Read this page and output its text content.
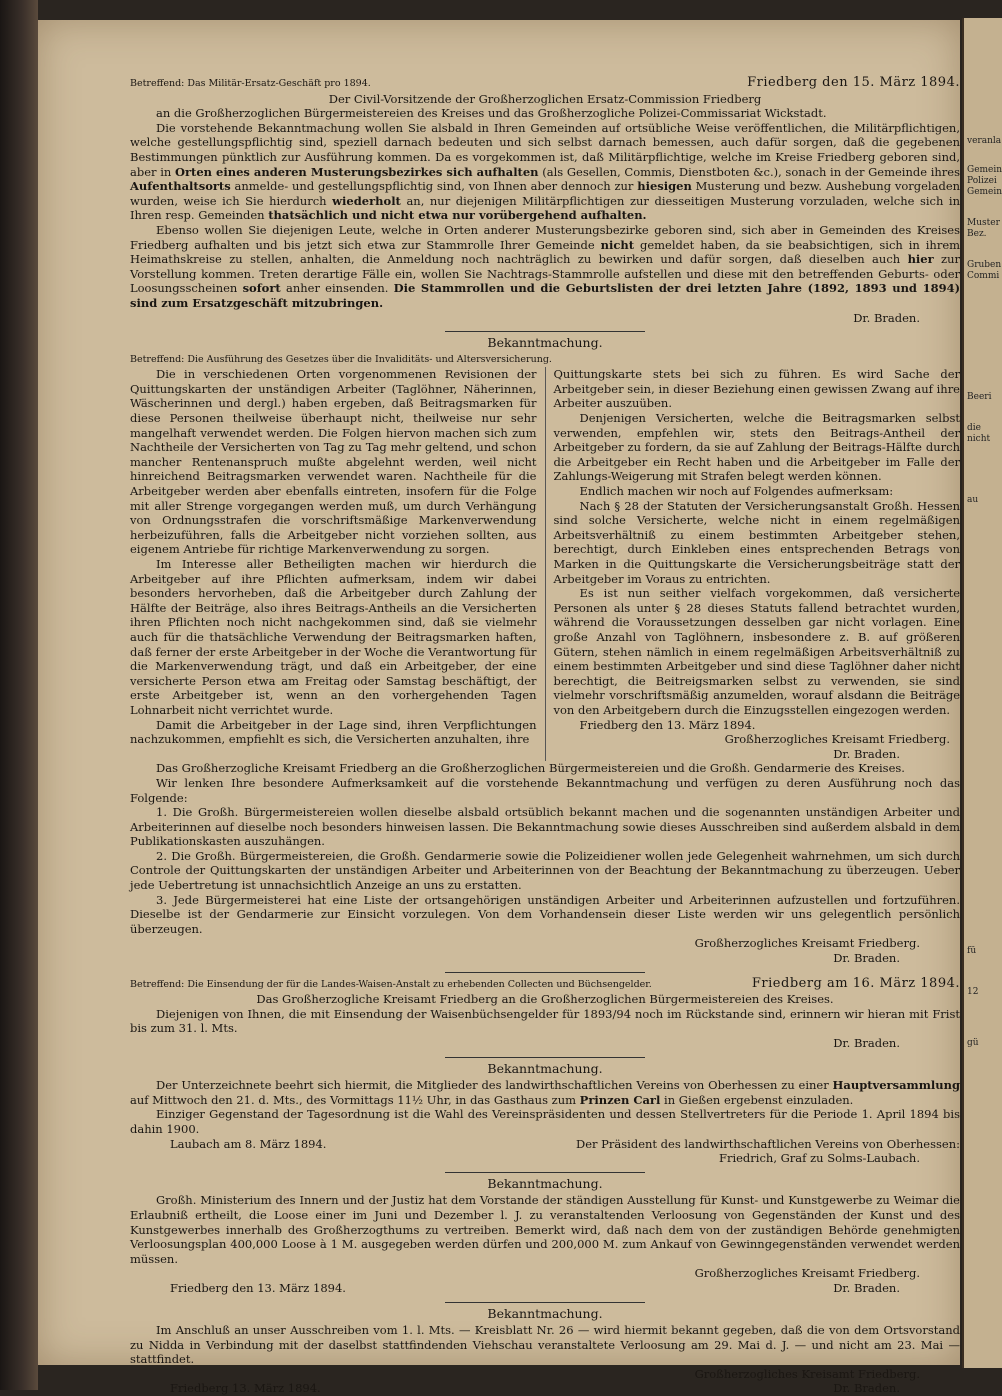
Betreffend: Das Militär-Ersatz-Geschäft pro 1894.	Friedberg den 15. März 1894.
Der Civil-Vorsitzende der Großherzoglichen Ersatz-Commission Friedberg

an die Großherzoglichen Bürgermeistereien des Kreises und das Großherzogliche Polizei-Commissariat Wickstadt.

Die vorstehende Bekanntmachung wollen Sie alsbald in Ihren Gemeinden auf ortsübliche Weise veröffentlichen, die Militärpflichtigen, welche gestellungspflichtig sind, speziell darnach bedeuten und sich selbst darnach bemessen, auch dafür sorgen, daß die gegebenen Bestimmungen pünktlich zur Ausführung kommen. Da es vorgekommen ist, daß Militärpflichtige, welche im Kreise Friedberg geboren sind, aber in Orten eines anderen Musterungsbezirkes sich aufhalten (als Gesellen, Commis, Dienstboten &c.), sonach in der Gemeinde ihres Aufenthaltsorts anmelde- und gestellungspflichtig sind, von Ihnen aber dennoch zur hiesigen Musterung und bezw. Aushebung vorgeladen wurden, weise ich Sie hierdurch wiederholt an, nur diejenigen Militärpflichtigen zur diesseitigen Musterung vorzuladen, welche sich in Ihren resp. Gemeinden thatsächlich und nicht etwa nur vorübergehend aufhalten.

Ebenso wollen Sie diejenigen Leute, welche in Orten anderer Musterungsbezirke geboren sind, sich aber in Gemeinden des Kreises Friedberg aufhalten und bis jetzt sich etwa zur Stammrolle Ihrer Gemeinde nicht gemeldet haben, da sie beabsichtigen, sich in ihrem Heimathskreise zu stellen, anhalten, die Anmeldung noch nachträglich zu bewirken und dafür sorgen, daß dieselben auch hier zur Vorstellung kommen. Treten derartige Fälle ein, wollen Sie Nachtrags-Stammrolle aufstellen und diese mit den betreffenden Geburts- oder Loosungsscheinen sofort anher einsenden. Die Stammrollen und die Geburtslisten der drei letzten Jahre (1892, 1893 und 1894) sind zum Ersatzgeschäft mitzubringen.

Dr. Braden.
Bekanntmachung.
Betreffend: Die Ausführung des Gesetzes über die Invaliditäts- und Altersversicherung.

Die in verschiedenen Orten vorgenommenen Revisionen der Quittungskarten der unständigen Arbeiter (Taglöhner, Näherinnen, Wäscherinnen und dergl.) haben ergeben, daß Beitragsmarken für diese Personen theilweise überhaupt nicht, theilweise nur sehr mangelhaft verwendet werden. Die Folgen hiervon machen sich zum Nachtheile der Versicherten von Tag zu Tag mehr geltend, und schon mancher Rentenanspruch mußte abgelehnt werden, weil nicht hinreichend Beitragsmarken verwendet waren. Nachtheile für die Arbeitgeber werden aber ebenfalls eintreten, insofern für die Folge mit aller Strenge vorgegangen werden muß, um durch Verhängung von Ordnungsstrafen die vorschriftsmäßige Markenverwendung herbeizuführen, falls die Arbeitgeber nicht vorziehen sollten, aus eigenem Antriebe für richtige Markenverwendung zu sorgen.

Im Interesse aller Betheiligten machen wir hierdurch die Arbeitgeber auf ihre Pflichten aufmerksam, indem wir dabei besonders hervorheben, daß die Arbeitgeber durch Zahlung der Hälfte der Beiträge, also ihres Beitrags-Antheils an die Versicherten ihren Pflichten noch nicht nachgekommen sind, daß sie vielmehr auch für die thatsächliche Verwendung der Beitragsmarken haften, daß ferner der erste Arbeitgeber in der Woche die Verantwortung für die Markenverwendung trägt, und daß ein Arbeitgeber, der eine versicherte Person etwa am Freitag oder Samstag beschäftigt, der erste Arbeitgeber ist, wenn an den vorhergehenden Tagen Lohnarbeit nicht verrichtet wurde.

Damit die Arbeitgeber in der Lage sind, ihren Verpflichtungen nachzukommen, empfiehlt es sich, die Versicherten anzuhalten, ihre

Quittungskarte stets bei sich zu führen. Es wird Sache der Arbeitgeber sein, in dieser Beziehung einen gewissen Zwang auf ihre Arbeiter auszuüben.

Denjenigen Versicherten, welche die Beitragsmarken selbst verwenden, empfehlen wir, stets den Beitrags-Antheil der Arbeitgeber zu fordern, da sie auf Zahlung der Beitrags-Hälfte durch die Arbeitgeber ein Recht haben und die Arbeitgeber im Falle der Zahlungs-Weigerung mit Strafen belegt werden können.

Endlich machen wir noch auf Folgendes aufmerksam:

Nach § 28 der Statuten der Versicherungsanstalt Großh. Hessen sind solche Versicherte, welche nicht in einem regelmäßigen Arbeitsverhältniß zu einem bestimmten Arbeitgeber stehen, berechtigt, durch Einkleben eines entsprechenden Betrags von Marken in die Quittungskarte die Versicherungsbeiträge statt der Arbeitgeber im Voraus zu entrichten.

Es ist nun seither vielfach vorgekommen, daß versicherte Personen als unter § 28 dieses Statuts fallend betrachtet wurden, während die Voraussetzungen desselben gar nicht vorlagen. Eine große Anzahl von Taglöhnern, insbesondere z. B. auf größeren Gütern, stehen nämlich in einem regelmäßigen Arbeitsverhältniß zu einem bestimmten Arbeitgeber und sind diese Taglöhner daher nicht berechtigt, die Beitreigsmarken selbst zu verwenden, sie sind vielmehr vorschriftsmäßig anzumelden, worauf alsdann die Beiträge von den Arbeitgebern durch die Einzugsstellen eingezogen werden.

Friedberg den 13. März 1894.

Großherzogliches Kreisamt Friedberg.
Dr. Braden.

Das Großherzogliche Kreisamt Friedberg an die Großherzoglichen Bürgermeistereien und die Großh. Gendarmerie des Kreises.

Wir lenken Ihre besondere Aufmerksamkeit auf die vorstehende Bekanntmachung und verfügen zu deren Ausführung noch das Folgende:

1. Die Großh. Bürgermeistereien wollen dieselbe alsbald ortsüblich bekannt machen und die sogenannten unständigen Arbeiter und Arbeiterinnen auf dieselbe noch besonders hinweisen lassen. Die Bekanntmachung sowie dieses Ausschreiben sind außerdem alsbald in dem Publikationskasten auszuhängen.

2. Die Großh. Bürgermeistereien, die Großh. Gendarmerie sowie die Polizeidiener wollen jede Gelegenheit wahrnehmen, um sich durch Controle der Quittungskarten der unständigen Arbeiter und Arbeiterinnen von der Beachtung der Bekanntmachung zu überzeugen. Ueber jede Uebertretung ist unnachsichtlich Anzeige an uns zu erstatten.

3. Jede Bürgermeisterei hat eine Liste der ortsangehörigen unständigen Arbeiter und Arbeiterinnen aufzustellen und fortzuführen. Dieselbe ist der Gendarmerie zur Einsicht vorzulegen. Von dem Vorhandensein dieser Liste werden wir uns gelegentlich persönlich überzeugen.

Großherzogliches Kreisamt Friedberg.
Dr. Braden.
Betreffend: Die Einsendung der für die Landes-Waisen-Anstalt zu erhebenden Collecten und Büchsengelder.	Friedberg am 16. März 1894.
Das Großherzogliche Kreisamt Friedberg an die Großherzoglichen Bürgermeistereien des Kreises.

Diejenigen von Ihnen, die mit Einsendung der Waisenbüchsengelder für 1893/94 noch im Rückstande sind, erinnern wir hieran mit Frist bis zum 31. l. Mts.

Dr. Braden.
Bekanntmachung.

Der Unterzeichnete beehrt sich hiermit, die Mitglieder des landwirthschaftlichen Vereins von Oberhessen zu einer Hauptversammlung auf Mittwoch den 21. d. Mts., des Vormittags 11½ Uhr, in das Gasthaus zum Prinzen Carl in Gießen ergebenst einzuladen.

Einziger Gegenstand der Tagesordnung ist die Wahl des Vereinspräsidenten und dessen Stellvertreters für die Periode 1. April 1894 bis dahin 1900.

Laubach am 8. März 1894.	Der Präsident des landwirthschaftlichen Vereins von Oberhessen:
Friedrich, Graf zu Solms-Laubach.
Bekanntmachung.

Großh. Ministerium des Innern und der Justiz hat dem Vorstande der ständigen Ausstellung für Kunst- und Kunstgewerbe zu Weimar die Erlaubniß ertheilt, die Loose einer im Juni und Dezember l. J. zu veranstaltenden Verloosung von Gegenständen der Kunst und des Kunstgewerbes innerhalb des Großherzogthums zu vertreiben. Bemerkt wird, daß nach dem von der zuständigen Behörde genehmigten Verloosungsplan 400,000 Loose à 1 M. ausgegeben werden dürfen und 200,000 M. zum Ankauf von Gewinngegenständen verwendet werden müssen.

Großherzogliches Kreisamt Friedberg.
Friedberg den 13. März 1894.	Dr. Braden.
Bekanntmachung.

Im Anschluß an unser Ausschreiben vom 1. l. Mts. — Kreisblatt Nr. 26 — wird hiermit bekannt gegeben, daß die von dem Ortsvorstand zu Nidda in Verbindung mit der daselbst stattfindenden Viehschau veranstaltete Verloosung am 29. Mai d. J. — und nicht am 23. Mai — stattfindet.

Großherzogliches Kreisamt Friedberg.
Friedberg 13. März 1894.	Dr. Braden.
veranla
Gemein
Polizei
Gemein
Muster
Bez.
Gruben
Commi
Beeri
die
nicht
au
fü
12
gü
